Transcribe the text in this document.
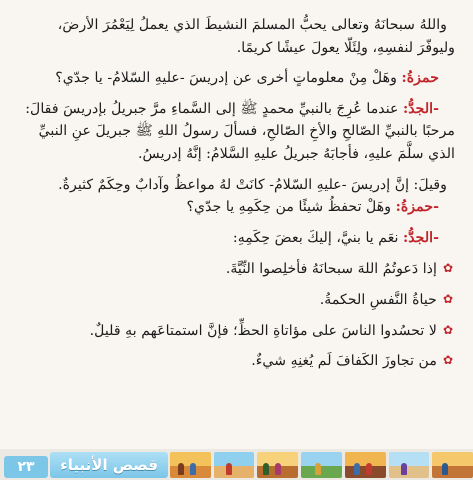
واللهُ سبحانَهُ وتعالى يحبُّ المسلمَ النشيطَ الذي يعملُ لِيَعْمُرَ الأرضَ،

وليوفّرَ لنفسِهِ، ولِئَلّا يعولَ عيشًا كريمًا.

حمزةُ: وهَلْ مِنْ معلوماتٍ أخرى عن إدريسَ -عليهِ السّلامُ- يا جدّي؟

-الجدُّ: عندما عُرِجَ بالنبيِّ محمدٍ ﷺ إلى السَّماءِ مرَّ جبريلُ بإدريسَ فقالَ:

مرحبًا بالنبيِّ الصّالحِ والأخِ الصّالحِ، فسألَ رسولُ اللهِ ﷺ جبريلَ عنِ النبيِّ

الذي سلَّمَ عليهِ، فأجابَهُ جبريلُ عليهِ السَّلامُ: إنَّهُ إدريسُ.

وقيلَ: إنَّ إدريسَ -عليهِ السّلامُ- كانَتْ لهُ مواعظُ وآدابٌ وحِكَمٌ كثيرةٌ.

-حمزةُ: وهَلْ تحفظُ شيئًا من حِكَمِهِ يا جدّي؟

-الجدُّ: نعَم يا بنيَّ، إليكَ بعضَ حِكَمِهِ:

✿إذا دَعوتُمُ اللهَ سبحانَهُ فأخلِصوا النِّيَّةَ.

✿حياةُ النَّفسِ الحكمةُ.

✿لا تحسُدوا الناسَ على مؤاتاةِ الحظِّ؛ فإنَّ استمتاعَهم بهِ قليلٌ.

✿من تجاوزَ الكَفافَ لَم يُغنِهِ شيءٌ.

٢٣	قصص الأنبياء
